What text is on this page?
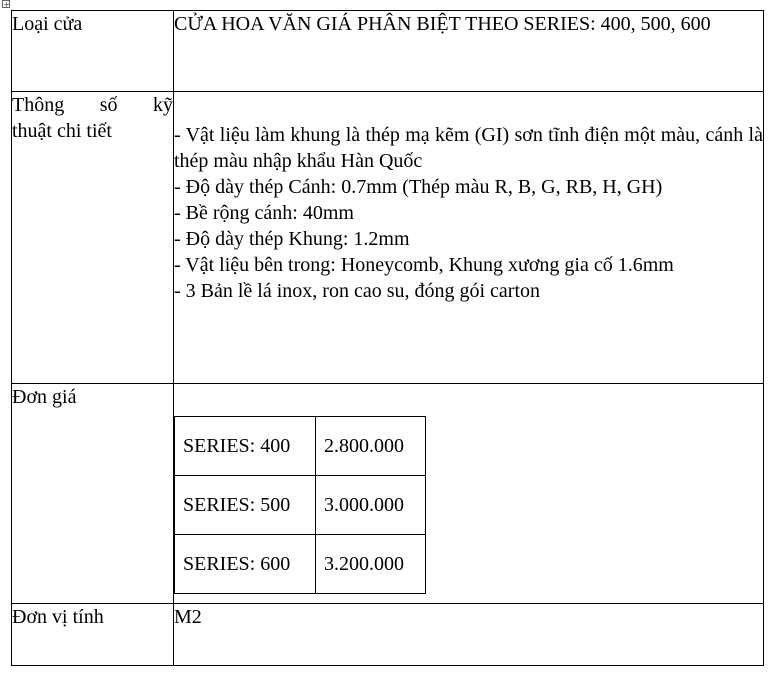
+
Loại cửa	CỬA HOA VĂN GIÁ PHÂN BIỆT THEO SERIES: 400, 500, 600

Thông số kỹ
thuật chi tiết	- Vật liệu làm khung là thép mạ kẽm (GI) sơn tĩnh điện một màu, cánh là thép màu nhập khẩu Hàn Quốc
- Độ dày thép Cánh: 0.7mm (Thép màu R, B, G, RB, H, GH)
- Bề rộng cánh: 40mm
- Độ dày thép Khung: 1.2mm
- Vật liệu bên trong: Honeycomb, Khung xương gia cố 1.6mm
- 3 Bản lề lá inox, ron cao su, đóng gói carton

Đơn giá	
SERIES: 400	2.800.000
SERIES: 500	3.000.000
SERIES: 600	3.200.000

Đơn vị tính	M2
